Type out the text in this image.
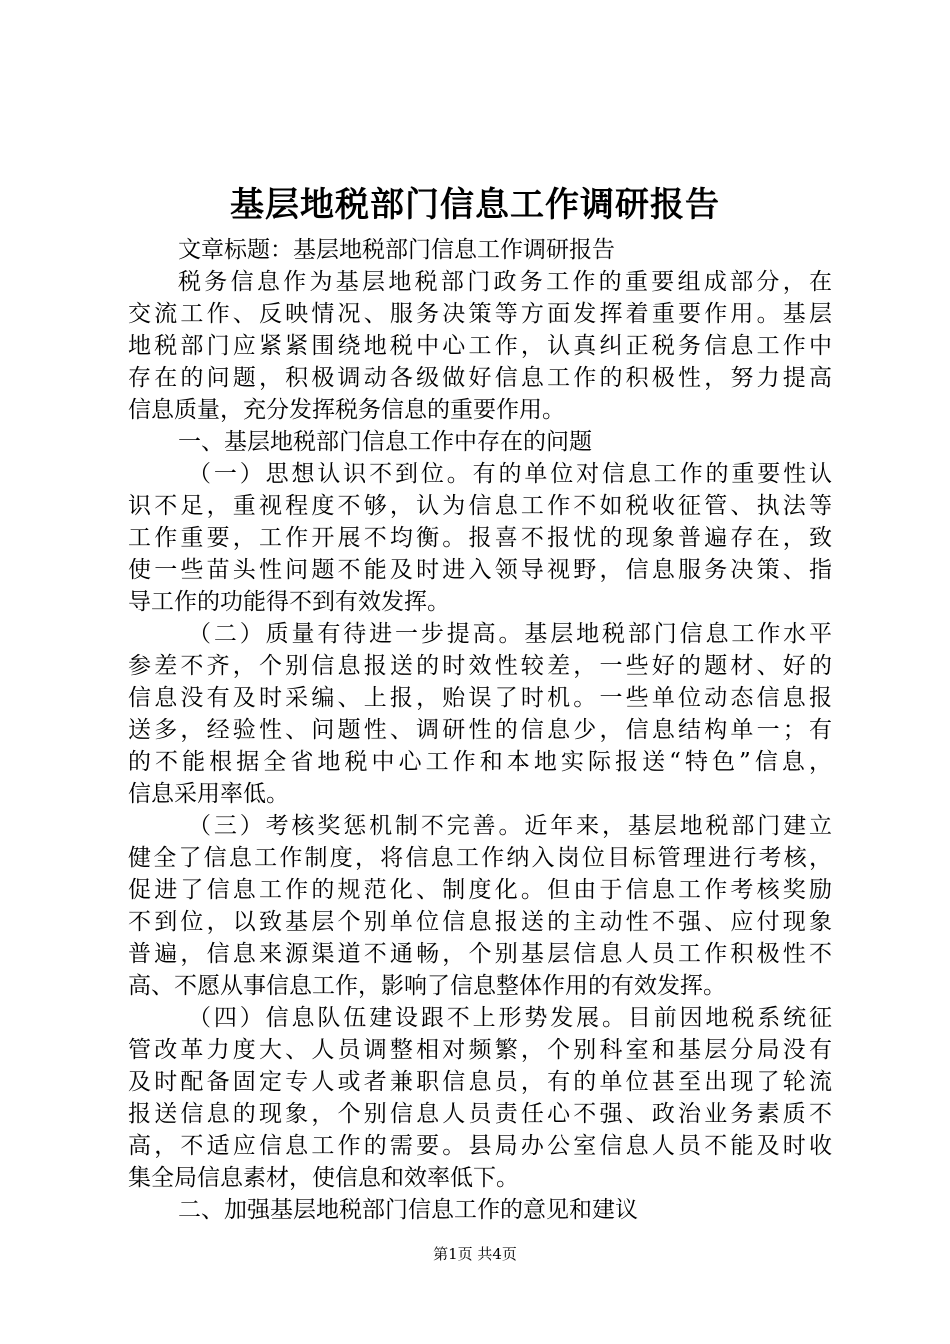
基层地税部门信息工作调研报告
文章标题：基层地税部门信息工作调研报告
税务信息作为基层地税部门政务工作的重要组成部分，在
交流工作、反映情况、服务决策等方面发挥着重要作用。基层
地税部门应紧紧围绕地税中心工作，认真纠正税务信息工作中
存在的问题，积极调动各级做好信息工作的积极性，努力提高
信息质量，充分发挥税务信息的重要作用。
一、基层地税部门信息工作中存在的问题
（一）思想认识不到位。有的单位对信息工作的重要性认
识不足，重视程度不够，认为信息工作不如税收征管、执法等
工作重要，工作开展不均衡。报喜不报忧的现象普遍存在，致
使一些苗头性问题不能及时进入领导视野，信息服务决策、指
导工作的功能得不到有效发挥。
（二）质量有待进一步提高。基层地税部门信息工作水平
参差不齐，个别信息报送的时效性较差，一些好的题材、好的
信息没有及时采编、上报，贻误了时机。一些单位动态信息报
送多，经验性、问题性、调研性的信息少，信息结构单一；有
的不能根据全省地税中心工作和本地实际报送“特色”信息，
信息采用率低。
（三）考核奖惩机制不完善。近年来，基层地税部门建立
健全了信息工作制度，将信息工作纳入岗位目标管理进行考核，
促进了信息工作的规范化、制度化。但由于信息工作考核奖励
不到位，以致基层个别单位信息报送的主动性不强、应付现象
普遍，信息来源渠道不通畅，个别基层信息人员工作积极性不
高、不愿从事信息工作，影响了信息整体作用的有效发挥。
（四）信息队伍建设跟不上形势发展。目前因地税系统征
管改革力度大、人员调整相对频繁，个别科室和基层分局没有
及时配备固定专人或者兼职信息员，有的单位甚至出现了轮流
报送信息的现象，个别信息人员责任心不强、政治业务素质不
高，不适应信息工作的需要。县局办公室信息人员不能及时收
集全局信息素材，使信息和效率低下。
二、加强基层地税部门信息工作的意见和建议
第1页 共4页
